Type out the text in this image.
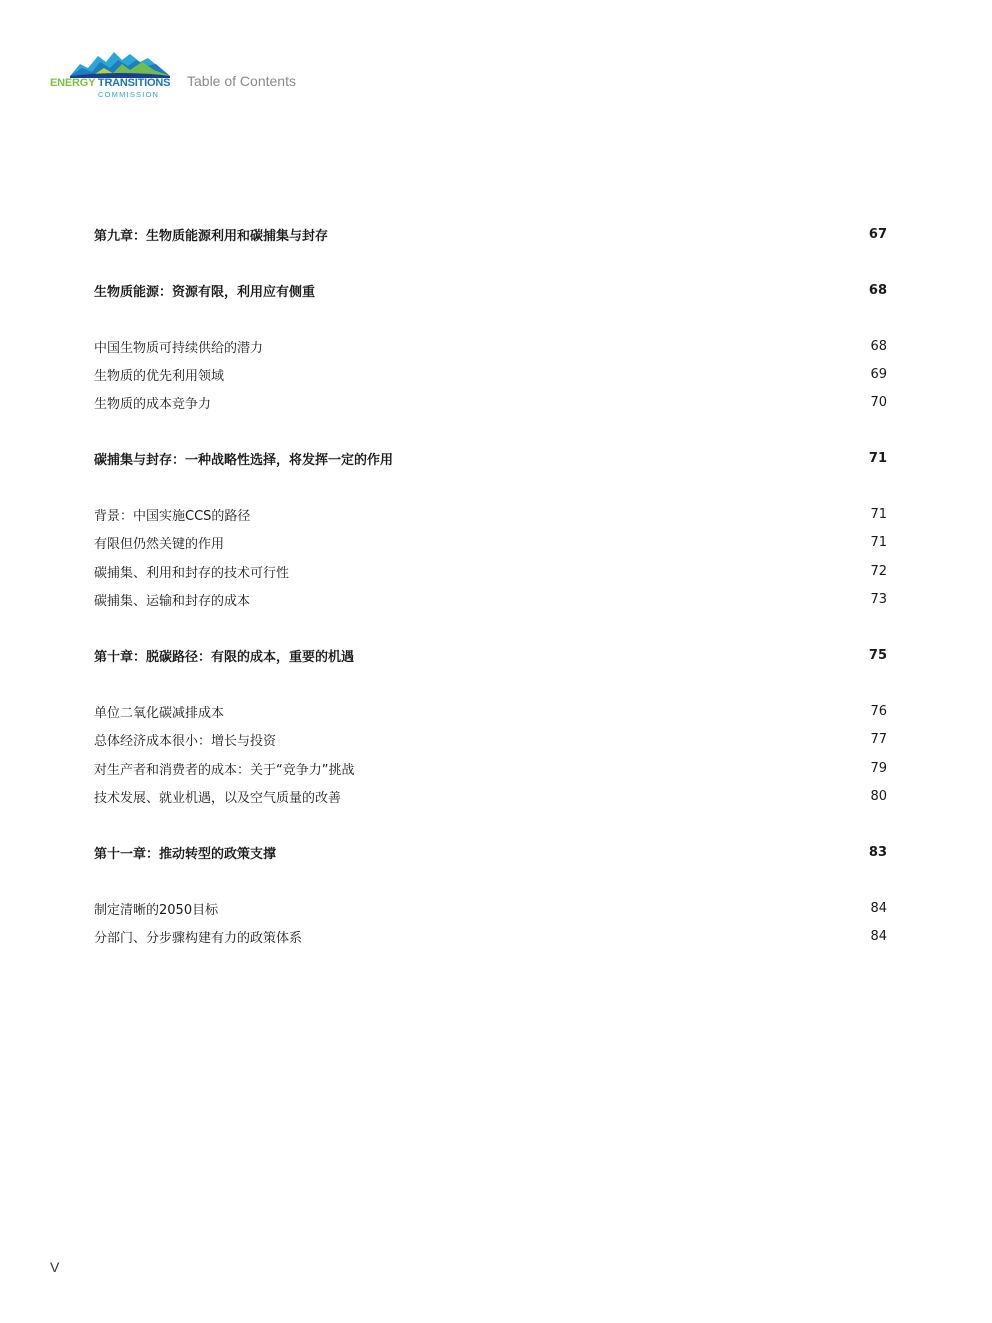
ENERGY TRANSITIONS
COMMISSION
Table of Contents
第九章：生物质能源利用和碳捕集与封存	67
生物质能源：资源有限，利用应有侧重	68
中国生物质可持续供给的潜力	68
生物质的优先利用领域	69
生物质的成本竞争力	70
碳捕集与封存：一种战略性选择，将发挥一定的作用	71
背景：中国实施CCS的路径	71
有限但仍然关键的作用	71
碳捕集、利用和封存的技术可行性	72
碳捕集、运输和封存的成本	73
第十章：脱碳路径：有限的成本，重要的机遇	75
单位二氧化碳减排成本	76
总体经济成本很小：增长与投资	77
对生产者和消费者的成本：关于“竞争力”挑战	79
技术发展、就业机遇，以及空气质量的改善	80
第十一章：推动转型的政策支撑	83
制定清晰的2050目标	84
分部门、分步骤构建有力的政策体系	84
V
